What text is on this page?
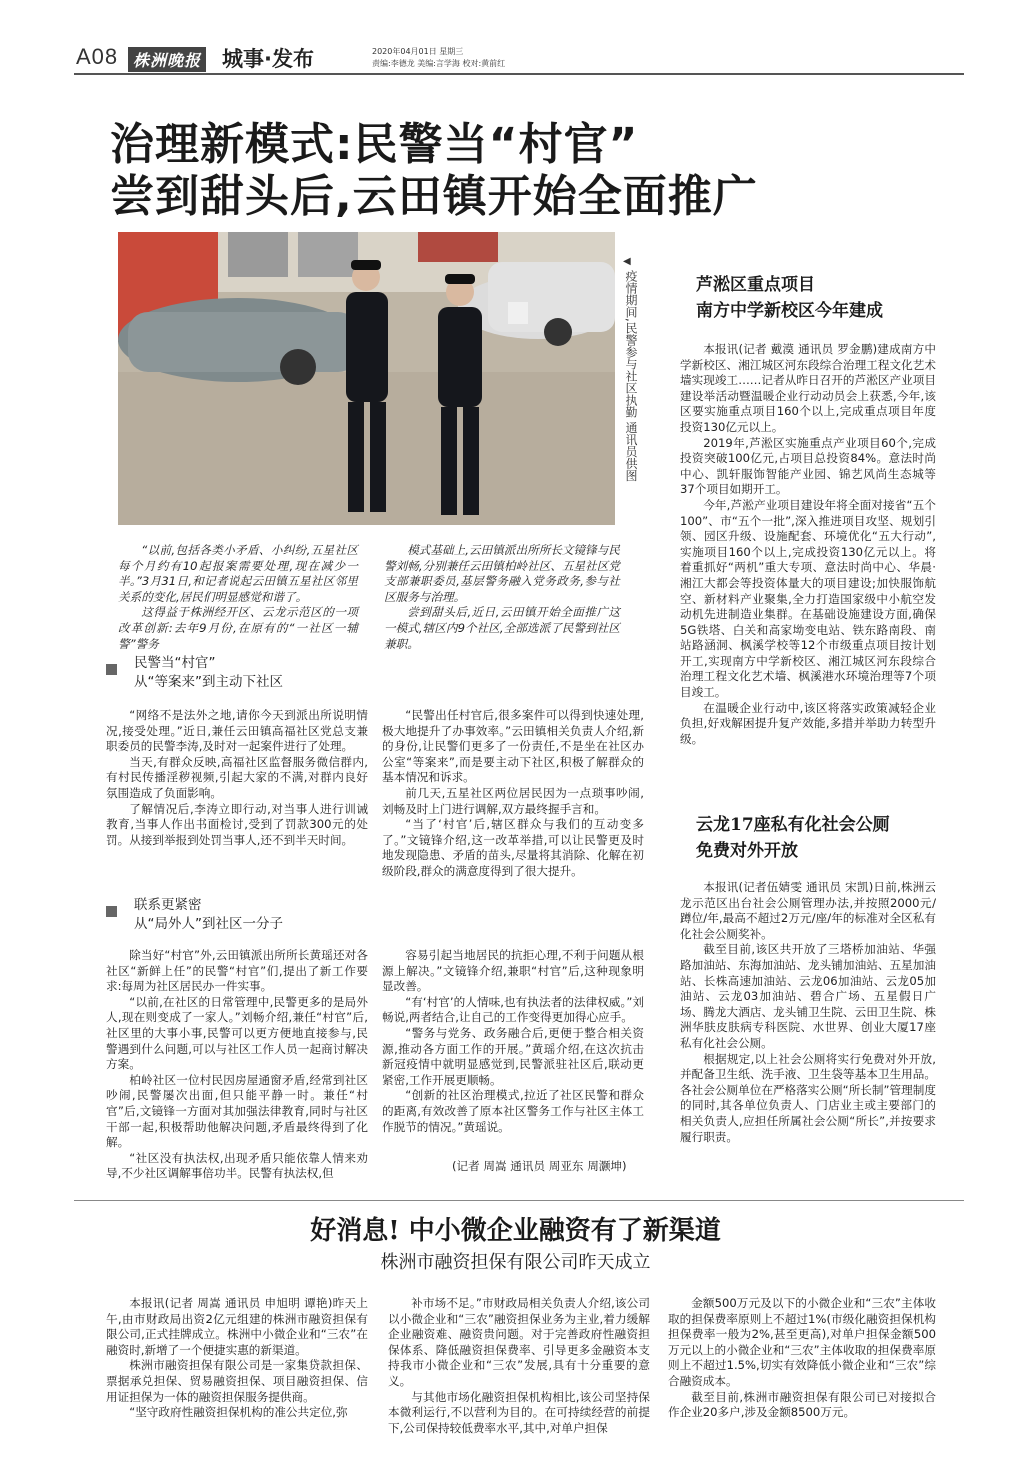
A08 株洲晚报 城事·发布	2020年04月01日 星期三
责编:李德龙 美编:言学海 校对:黄前红
治理新模式:民警当“村官”
尝到甜头后,云田镇开始全面推广
◀
疫情期间,民警参与社区执勤 通讯员供图

“以前,包括各类小矛盾、小纠纷,五星社区每个月约有10起报案需要处理,现在减少一半。”3月31日,和记者说起云田镇五星社区邻里关系的变化,居民们明显感觉和谐了。

这得益于株洲经开区、云龙示范区的一项改革创新:去年9月份,在原有的“一社区一辅警”警务

模式基础上,云田镇派出所所长文镜锋与民警刘畅,分别兼任云田镇柏岭社区、五星社区党支部兼职委员,基层警务融入党务政务,参与社区服务与治理。

尝到甜头后,近日,云田镇开始全面推广这一模式,辖区内9个社区,全部选派了民警到社区兼职。

民警当“村官”
从“等案来”到主动下社区

“网络不是法外之地,请你今天到派出所说明情况,接受处理。”近日,兼任云田镇高福社区党总支兼职委员的民警李涛,及时对一起案件进行了处理。

当天,有群众反映,高福社区监督服务微信群内,有村民传播淫秽视频,引起大家的不满,对群内良好氛围造成了负面影响。

了解情况后,李涛立即行动,对当事人进行训诫教育,当事人作出书面检讨,受到了罚款300元的处罚。从接到举报到处罚当事人,还不到半天时间。

“民警出任村官后,很多案件可以得到快速处理,极大地提升了办事效率。”云田镇相关负责人介绍,新的身份,让民警们更多了一份责任,不是坐在社区办公室“等案来”,而是要主动下社区,积极了解群众的基本情况和诉求。

前几天,五星社区两位居民因为一点琐事吵闹,刘畅及时上门进行调解,双方最终握手言和。

“当了‘村官’后,辖区群众与我们的互动变多了。”文镜锋介绍,这一改革举措,可以让民警更及时地发现隐患、矛盾的苗头,尽量将其消除、化解在初级阶段,群众的满意度得到了很大提升。

联系更紧密
从“局外人”到社区一分子

除当好“村官”外,云田镇派出所所长黄瑶还对各社区“新鲜上任”的民警“村官”们,提出了新工作要求:每周为社区居民办一件实事。

“以前,在社区的日常管理中,民警更多的是局外人,现在则变成了一家人。”刘畅介绍,兼任“村官”后,社区里的大事小事,民警可以更方便地直接参与,民警遇到什么问题,可以与社区工作人员一起商讨解决方案。

柏岭社区一位村民因房屋通窗矛盾,经常到社区吵闹,民警屡次出面,但只能平静一时。兼任“村官”后,文镜锋一方面对其加强法律教育,同时与社区干部一起,积极帮助他解决问题,矛盾最终得到了化解。

“社区没有执法权,出现矛盾只能依靠人情来劝导,不少社区调解事倍功半。民警有执法权,但

容易引起当地居民的抗拒心理,不利于问题从根源上解决。”文镜锋介绍,兼职“村官”后,这种现象明显改善。

“有‘村官’的人情味,也有执法者的法律权威。”刘畅说,两者结合,让自己的工作变得更加得心应手。

“警务与党务、政务融合后,更便于整合相关资源,推动各方面工作的开展。”黄瑶介绍,在这次抗击新冠疫情中就明显感觉到,民警派驻社区后,联动更紧密,工作开展更顺畅。

“创新的社区治理模式,拉近了社区民警和群众的距离,有效改善了原本社区警务工作与社区主体工作脱节的情况。”黄瑶说。

(记者 周嵩 通讯员 周亚东 周灏坤)
芦淞区重点项目
南方中学新校区今年建成

本报讯(记者 戴漠 通讯员 罗金鹏)建成南方中学新校区、湘江城区河东段综合治理工程文化艺术墙实现竣工……记者从昨日召开的芦淞区产业项目建设举活动暨温暖企业行动动员会上获悉,今年,该区要实施重点项目160个以上,完成重点项目年度投资130亿元以上。

2019年,芦淞区实施重点产业项目60个,完成投资突破100亿元,占项目总投资84%。意法时尚中心、凯轩服饰智能产业园、锦艺风尚生态城等37个项目如期开工。

今年,芦淞产业项目建设年将全面对接省“五个100”、市“五个一批”,深入推进项目攻坚、规划引领、园区升级、设施配套、环境优化“五大行动”,实施项目160个以上,完成投资130亿元以上。将着重抓好“两机”重大专项、意法时尚中心、华晨·湘江大都会等投资体量大的项目建设;加快服饰航空、新材料产业聚集,全力打造国家级中小航空发动机先进制造业集群。在基础设施建设方面,确保5G铁塔、白关和高家坳变电站、铁东路南段、南站路涵洞、枫溪学校等12个市级重点项目按计划开工,实现南方中学新校区、湘江城区河东段综合治理工程文化艺术墙、枫溪港水环境治理等7个项目竣工。

在温暖企业行动中,该区将落实政策减轻企业负担,好戏解困提升复产效能,多措并举助力转型升级。

云龙17座私有化社会公厕
免费对外开放

本报讯(记者伍婧雯 通讯员 宋凯)日前,株洲云龙示范区出台社会公厕管理办法,并按照2000元/蹲位/年,最高不超过2万元/座/年的标准对全区私有化社会公厕奖补。

截至目前,该区共开放了三塔桥加油站、华强路加油站、东海加油站、龙头铺加油站、五星加油站、长株高速加油站、云龙06加油站、云龙05加油站、云龙03加油站、碧合广场、五星假日广场、腾龙大酒店、龙头铺卫生院、云田卫生院、株洲华肤皮肤病专科医院、水世界、创业大厦17座私有化社会公厕。

根据规定,以上社会公厕将实行免费对外开放,并配备卫生纸、洗手液、卫生袋等基本卫生用品。各社会公厕单位在严格落实公厕“所长制”管理制度的同时,其各单位负责人、门店业主或主要部门的相关负责人,应担任所属社会公厕“所长”,并按要求履行职责。

好消息! 中小微企业融资有了新渠道
株洲市融资担保有限公司昨天成立

本报讯(记者 周嵩 通讯员 申旭明 谭艳)昨天上午,由市财政局出资2亿元组建的株洲市融资担保有限公司,正式挂牌成立。株洲中小微企业和“三农”在融资时,新增了一个便捷实惠的新渠道。

株洲市融资担保有限公司是一家集贷款担保、票据承兑担保、贸易融资担保、项目融资担保、信用证担保为一体的融资担保服务提供商。

“坚守政府性融资担保机构的准公共定位,弥

补市场不足。”市财政局相关负责人介绍,该公司以小微企业和“三农”融资担保业务为主业,着力缓解企业融资难、融资贵问题。对于完善政府性融资担保体系、降低融资担保费率、引导更多金融资本支持我市小微企业和“三农”发展,具有十分重要的意义。

与其他市场化融资担保机构相比,该公司坚持保本微利运行,不以营利为目的。在可持续经营的前提下,公司保持较低费率水平,其中,对单户担保

金额500万元及以下的小微企业和“三农”主体收取的担保费率原则上不超过1%(市级化融资担保机构担保费率一般为2%,甚至更高),对单户担保金额500万元以上的小微企业和“三农”主体收取的担保费率原则上不超过1.5%,切实有效降低小微企业和“三农”综合融资成本。

截至目前,株洲市融资担保有限公司已对接拟合作企业20多户,涉及金额8500万元。
